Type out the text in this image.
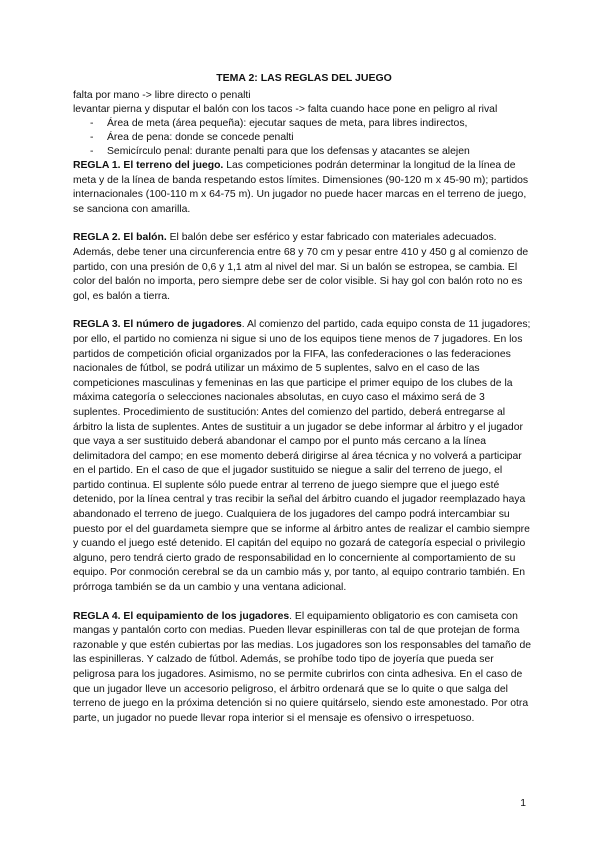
TEMA 2: LAS REGLAS DEL JUEGO

falta por mano -> libre directo o penalti

levantar pierna y disputar el balón con los tacos -> falta cuando hace pone en peligro al rival

- Área de meta (área pequeña): ejecutar saques de meta, para libres indirectos,
- Área de pena: donde se concede penalti
- Semicírculo penal: durante penalti para que los defensas y atacantes se alejen

REGLA 1. El terreno del juego. Las competiciones podrán determinar la longitud de la línea de meta y de la línea de banda respetando estos límites. Dimensiones (90-120 m x 45-90 m); partidos internacionales (100-110 m x 64-75 m). Un jugador no puede hacer marcas en el terreno de juego, se sanciona con amarilla.

REGLA 2. El balón. El balón debe ser esférico y estar fabricado con materiales adecuados. Además, debe tener una circunferencia entre 68 y 70 cm y pesar entre 410 y 450 g al comienzo de partido, con una presión de 0,6 y 1,1 atm al nivel del mar. Si un balón se estropea, se cambia. El color del balón no importa, pero siempre debe ser de color visible. Si hay gol con balón roto no es gol, es balón a tierra.

REGLA 3. El número de jugadores. Al comienzo del partido, cada equipo consta de 11 jugadores; por ello, el partido no comienza ni sigue si uno de los equipos tiene menos de 7 jugadores. En los partidos de competición oficial organizados por la FIFA, las confederaciones o las federaciones nacionales de fútbol, se podrá utilizar un máximo de 5 suplentes, salvo en el caso de las competiciones masculinas y femeninas en las que participe el primer equipo de los clubes de la máxima categoría o selecciones nacionales absolutas, en cuyo caso el máximo será de 3 suplentes. Procedimiento de sustitución: Antes del comienzo del partido, deberá entregarse al árbitro la lista de suplentes. Antes de sustituir a un jugador se debe informar al árbitro y el jugador que vaya a ser sustituido deberá abandonar el campo por el punto más cercano a la línea delimitadora del campo; en ese momento deberá dirigirse al área técnica y no volverá a participar en el partido. En el caso de que el jugador sustituido se niegue a salir del terreno de juego, el partido continua. El suplente sólo puede entrar al terreno de juego siempre que el juego esté detenido, por la línea central y tras recibir la señal del árbitro cuando el jugador reemplazado haya abandonado el terreno de juego. Cualquiera de los jugadores del campo podrá intercambiar su puesto por el del guardameta siempre que se informe al árbitro antes de realizar el cambio siempre y cuando el juego esté detenido. El capitán del equipo no gozará de categoría especial o privilegio alguno, pero tendrá cierto grado de responsabilidad en lo concerniente al comportamiento de su equipo. Por conmoción cerebral se da un cambio más y, por tanto, al equipo contrario también. En prórroga también se da un cambio y una ventana adicional.

REGLA 4. El equipamiento de los jugadores. El equipamiento obligatorio es con camiseta con mangas y pantalón corto con medias. Pueden llevar espinilleras con tal de que protejan de forma razonable y que estén cubiertas por las medias. Los jugadores son los responsables del tamaño de las espinilleras. Y calzado de fútbol. Además, se prohíbe todo tipo de joyería que pueda ser peligrosa para los jugadores. Asimismo, no se permite cubrirlos con cinta adhesiva. En el caso de que un jugador lleve un accesorio peligroso, el árbitro ordenará que se lo quite o que salga del terreno de juego en la próxima detención si no quiere quitárselo, siendo este amonestado. Por otra parte, un jugador no puede llevar ropa interior si el mensaje es ofensivo o irrespetuoso.

1
